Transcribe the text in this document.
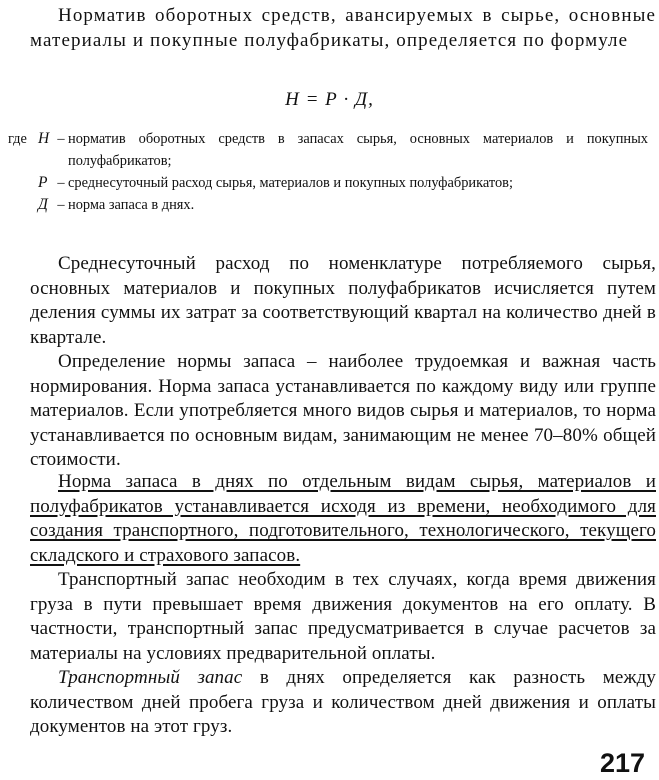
Норматив оборотных средств, авансируемых в сырье, основные материалы и покупные полуфабрикаты, определяется по формуле

Н = Р · Д,
где Н – норматив оборотных средств в запасах сырья, основных материалов и покупных полуфабрикатов;
Р – среднесуточный расход сырья, материалов и покупных полуфабрикатов;
Д – норма запаса в днях.

Среднесуточный расход по номенклатуре потребляемого сырья, основных материалов и покупных полуфабрикатов исчисляется путем деления суммы их затрат за соответствующий квартал на количество дней в квартале.

Определение нормы запаса – наиболее трудоемкая и важная часть нормирования. Норма запаса устанавливается по каждому виду или группе материалов. Если употребляется много видов сырья и материалов, то норма устанавливается по основным видам, занимающим не менее 70–80% общей стоимости.

Норма запаса в днях по отдельным видам сырья, материалов и полуфабрикатов устанавливается исходя из времени, необходимого для создания транспортного, подготовительного, технологического, текущего складского и страхового запасов.

Транспортный запас необходим в тех случаях, когда время движения груза в пути превышает время движения документов на его оплату. В частности, транспортный запас предусматривается в случае расчетов за материалы на условиях предварительной оплаты.

Транспортный запас в днях определяется как разность между количеством дней пробега груза и количеством дней движения и оплаты документов на этот груз.

217
